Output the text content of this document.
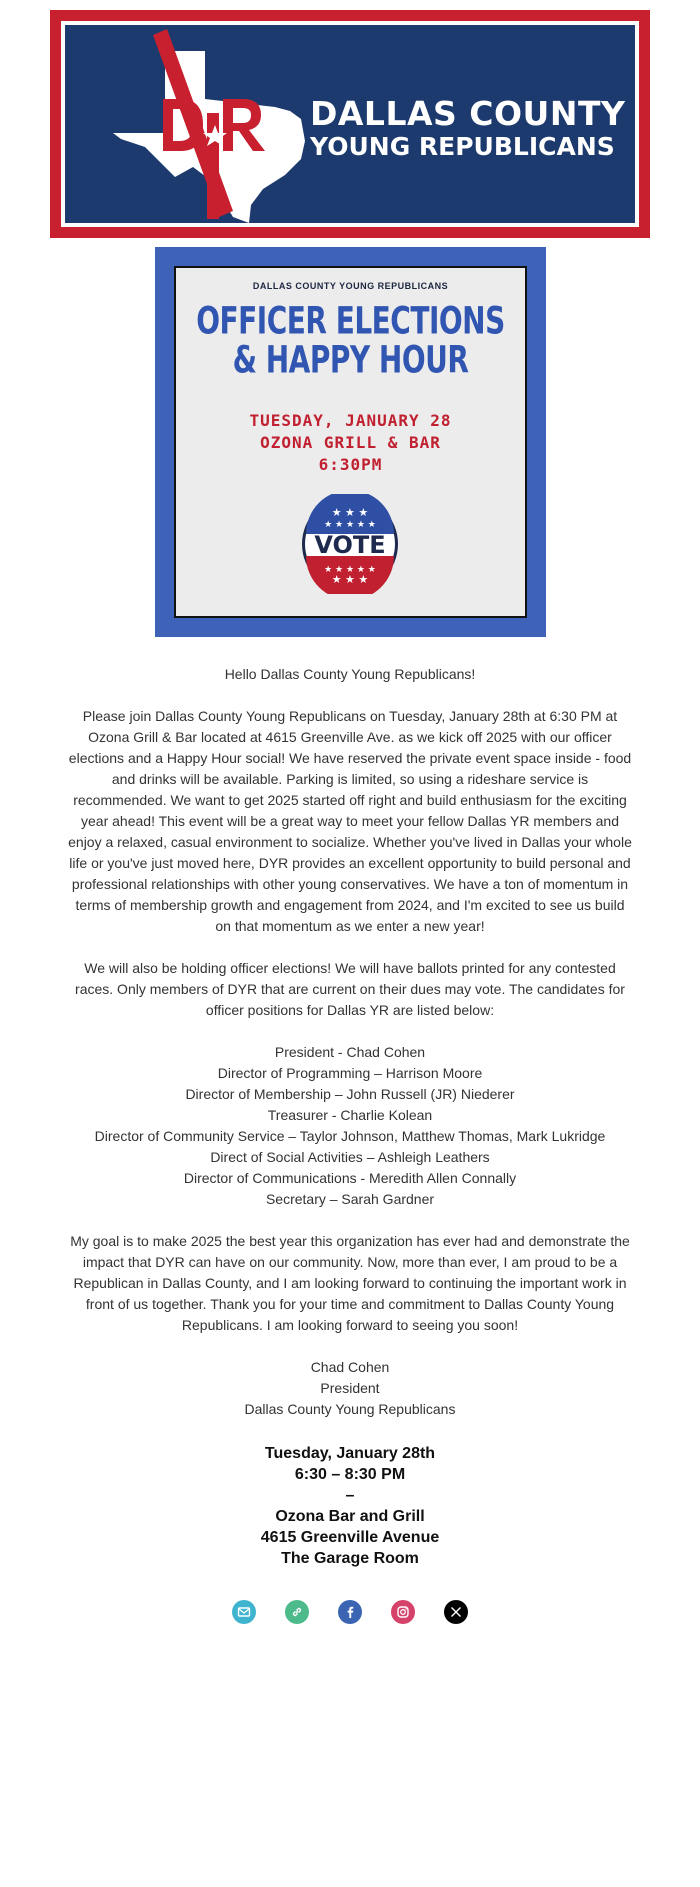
DALLAS COUNTY
YOUNG REPUBLICANS
DALLAS COUNTY YOUNG REPUBLICANS
OFFICER ELECTIONS
& HAPPY HOUR
TUESDAY, JANUARY 28
OZONA GRILL & BAR
6:30PM
★ ★ ★
★ ★ ★ ★ ★
★ ★ ★ ★ ★
★ ★ ★
VOTE

Hello Dallas County Young Republicans!

Please join Dallas County Young Republicans on Tuesday, January 28th at 6:30 PM at Ozona Grill & Bar located at 4615 Greenville Ave. as we kick off 2025 with our officer elections and a Happy Hour social! We have reserved the private event space inside - food and drinks will be available. Parking is limited, so using a rideshare service is recommended. We want to get 2025 started off right and build enthusiasm for the exciting year ahead! This event will be a great way to meet your fellow Dallas YR members and enjoy a relaxed, casual environment to socialize. Whether you've lived in Dallas your whole life or you've just moved here, DYR provides an excellent opportunity to build personal and professional relationships with other young conservatives. We have a ton of momentum in terms of membership growth and engagement from 2024, and I'm excited to see us build on that momentum as we enter a new year!

We will also be holding officer elections! We will have ballots printed for any contested races. Only members of DYR that are current on their dues may vote. The candidates for officer positions for Dallas YR are listed below:

President - Chad Cohen
Director of Programming – Harrison Moore
Director of Membership – John Russell (JR) Niederer
Treasurer - Charlie Kolean
Director of Community Service – Taylor Johnson, Matthew Thomas, Mark Lukridge
Direct of Social Activities – Ashleigh Leathers
Director of Communications - Meredith Allen Connally
Secretary – Sarah Gardner

My goal is to make 2025 the best year this organization has ever had and demonstrate the impact that DYR can have on our community. Now, more than ever, I am proud to be a Republican in Dallas County, and I am looking forward to continuing the important work in front of us together. Thank you for your time and commitment to Dallas County Young Republicans. I am looking forward to seeing you soon!

Chad Cohen
President
Dallas County Young Republicans
Tuesday, January 28th
6:30 – 8:30 PM
–
Ozona Bar and Grill
4615 Greenville Avenue
The Garage Room
